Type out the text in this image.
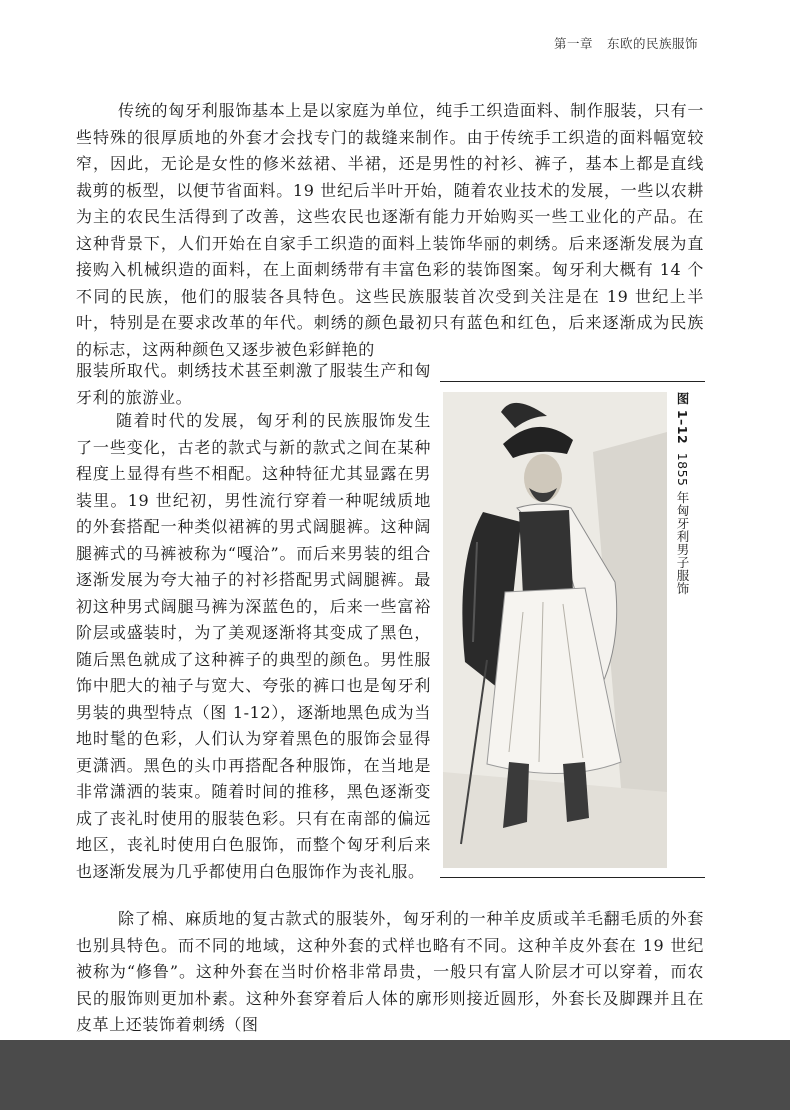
第一章 东欧的民族服饰

传统的匈牙利服饰基本上是以家庭为单位，纯手工织造面料、制作服装，只有一些特殊的很厚质地的外套才会找专门的裁缝来制作。由于传统手工织造的面料幅宽较窄，因此，无论是女性的修米兹裙、半裙，还是男性的衬衫、裤子，基本上都是直线裁剪的板型，以便节省面料。19 世纪后半叶开始，随着农业技术的发展，一些以农耕为主的农民生活得到了改善，这些农民也逐渐有能力开始购买一些工业化的产品。在这种背景下，人们开始在自家手工织造的面料上装饰华丽的刺绣。后来逐渐发展为直接购入机械织造的面料，在上面刺绣带有丰富色彩的装饰图案。匈牙利大概有 14 个不同的民族，他们的服装各具特色。这些民族服装首次受到关注是在 19 世纪上半叶，特别是在要求改革的年代。刺绣的颜色最初只有蓝色和红色，后来逐渐成为民族的标志，这两种颜色又逐步被色彩鲜艳的

服装所取代。刺绣技术甚至刺激了服装生产和匈牙利的旅游业。

随着时代的发展，匈牙利的民族服饰发生了一些变化，古老的款式与新的款式之间在某种程度上显得有些不相配。这种特征尤其显露在男装里。19 世纪初，男性流行穿着一种呢绒质地的外套搭配一种类似裙裤的男式阔腿裤。这种阔腿裤式的马裤被称为“嘎洽”。而后来男装的组合逐渐发展为夸大袖子的衬衫搭配男式阔腿裤。最初这种男式阔腿马裤为深蓝色的，后来一些富裕阶层或盛装时，为了美观逐渐将其变成了黑色，随后黑色就成了这种裤子的典型的颜色。男性服饰中肥大的袖子与宽大、夸张的裤口也是匈牙利男装的典型特点（图 1-12），逐渐地黑色成为当地时髦的色彩，人们认为穿着黑色的服饰会显得更潇洒。黑色的头巾再搭配各种服饰，在当地是非常潇洒的装束。随着时间的推移，黑色逐渐变成了丧礼时使用的服装色彩。只有在南部的偏远地区，丧礼时使用白色服饰，而整个匈牙利后来也逐渐发展为几乎都使用白色服饰作为丧礼服。

图 1–12 1855 年匈牙利男子服饰

除了棉、麻质地的复古款式的服装外，匈牙利的一种羊皮质或羊毛翻毛质的外套也别具特色。而不同的地域，这种外套的式样也略有不同。这种羊皮外套在 19 世纪被称为“修鲁”。这种外套在当时价格非常昂贵，一般只有富人阶层才可以穿着，而农民的服饰则更加朴素。这种外套穿着后人体的廓形则接近圆形，外套长及脚踝并且在皮革上还装饰着刺绣（图
